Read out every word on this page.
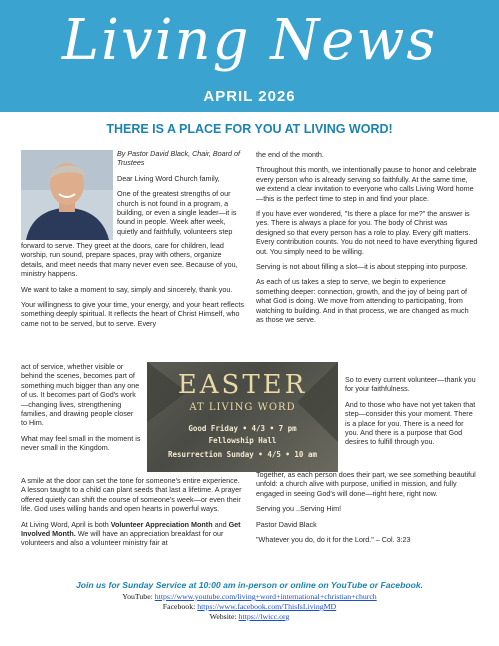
Living News
APRIL 2026
THERE IS A PLACE FOR YOU AT LIVING WORD!

By Pastor David Black, Chair, Board of Trustees

Dear Living Word Church family,

One of the greatest strengths of our church is not found in a program, a building, or even a single leader—it is found in people. Week after week, quietly and faithfully, volunteers step

forward to serve. They greet at the doors, care for children, lead worship, run sound, prepare spaces, pray with others, organize details, and meet needs that many never even see. Because of you, ministry happens.

We want to take a moment to say, simply and sincerely, thank you.

Your willingness to give your time, your energy, and your heart reflects something deeply spiritual. It reflects the heart of Christ Himself, who came not to be served, but to serve. Every

act of service, whether visible or behind the scenes, becomes part of something much bigger than any one of us. It becomes part of God's work—changing lives, strengthening families, and drawing people closer to Him.

What may feel small in the moment is never small in the Kingdom.

A smile at the door can set the tone for someone's entire experience. A lesson taught to a child can plant seeds that last a lifetime. A prayer offered quietly can shift the course of someone's week—or even their life. God uses willing hands and open hearts in powerful ways.

At Living Word, April is both Volunteer Appreciation Month and Get Involved Month. We will have an appreciation breakfast for our volunteers and also a volunteer ministry fair at

EASTER
AT LIVING WORD
Good Friday • 4/3 • 7 pm
Fellowship Hall
Resurrection Sunday • 4/5 • 10 am

the end of the month.

Throughout this month, we intentionally pause to honor and celebrate every person who is already serving so faithfully. At the same time, we extend a clear invitation to everyone who calls Living Word home—this is the perfect time to step in and find your place.

If you have ever wondered, "Is there a place for me?" the answer is yes. There is always a place for you. The body of Christ was designed so that every person has a role to play. Every gift matters. Every contribution counts. You do not need to have everything figured out. You simply need to be willing.

Serving is not about filling a slot—it is about stepping into purpose.

As each of us takes a step to serve, we begin to experience something deeper: connection, growth, and the joy of being part of what God is doing. We move from attending to participating, from watching to building. And in that process, we are changed as much as those we serve.

So to every current volunteer—thank you for your faithfulness.

And to those who have not yet taken that step—consider this your moment. There is a place for you. There is a need for you. And there is a purpose that God desires to fulfill through you.

Together, as each person does their part, we see something beautiful unfold: a church alive with purpose, unified in mission, and fully engaged in seeing God's will done—right here, right now.

Serving you ..Serving Him!

Pastor David Black

"Whatever you do, do it for the Lord." – Col. 3:23

Join us for Sunday Service at 10:00 am in-person or online on YouTube or Facebook.
YouTube: https://www.youtube.com/living+word+international+christian+church
Facebook: https://www.facebook.com/ThisIsLivingMD
Website: https://lwicc.org
